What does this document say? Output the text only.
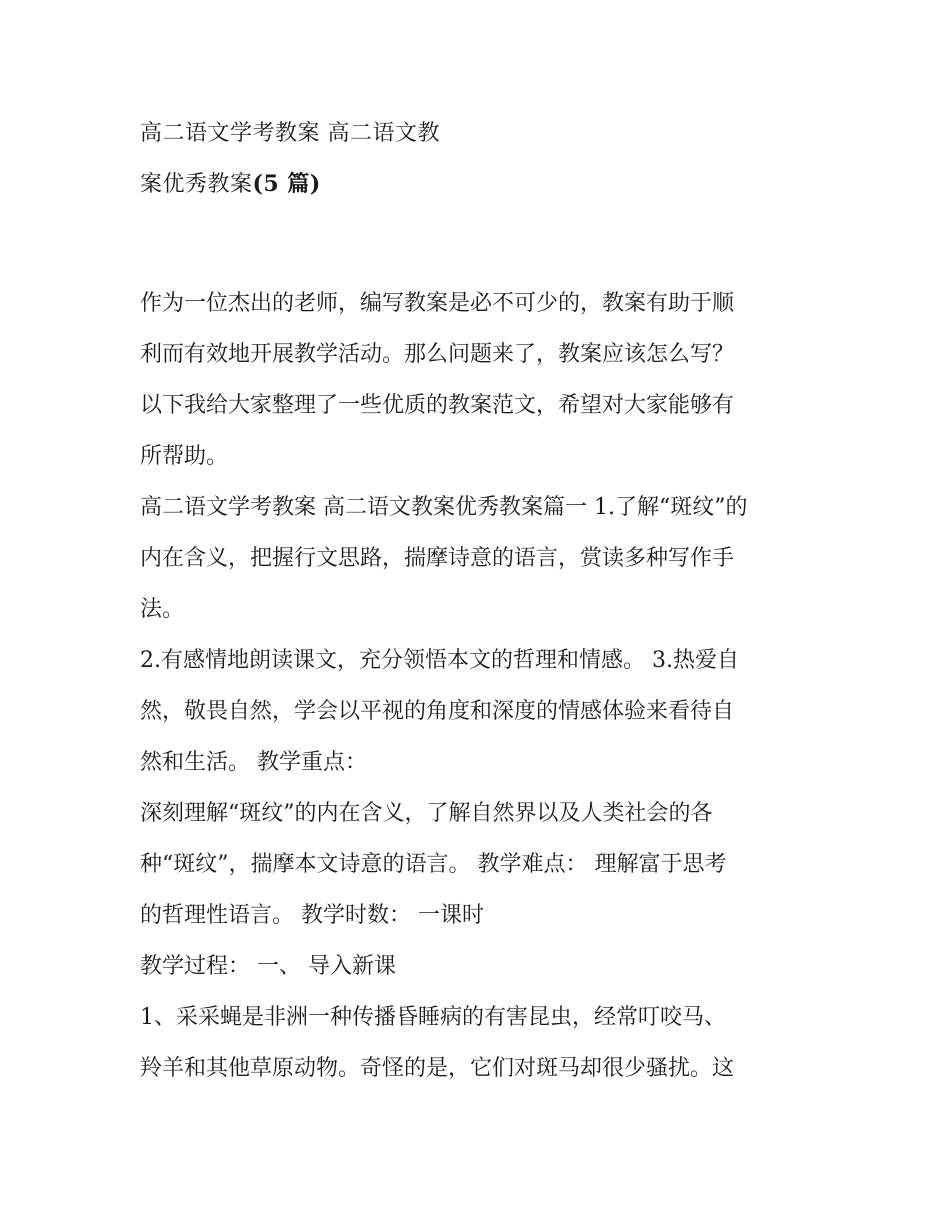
高二语文学考教案 高二语文教
案优秀教案(5 篇)

作为一位杰出的老师，编写教案是必不可少的，教案有助于顺
利而有效地开展教学活动。那么问题来了，教案应该怎么写？
以下我给大家整理了一些优质的教案范文，希望对大家能够有
所帮助。

高二语文学考教案 高二语文教案优秀教案篇一 1.了解“斑纹”的
内在含义，把握行文思路，揣摩诗意的语言，赏读多种写作手
法。

2.有感情地朗读课文，充分领悟本文的哲理和情感。 3.热爱自
然，敬畏自然，学会以平视的角度和深度的情感体验来看待自
然和生活。 教学重点：

深刻理解“斑纹”的内在含义，了解自然界以及人类社会的各
种“斑纹”，揣摩本文诗意的语言。 教学难点： 理解富于思考
的哲理性语言。 教学时数： 一课时

教学过程： 一、 导入新课

1、采采蝇是非洲一种传播昏睡病的有害昆虫，经常叮咬马、
羚羊和其他草原动物。奇怪的是，它们对斑马却很少骚扰。这
